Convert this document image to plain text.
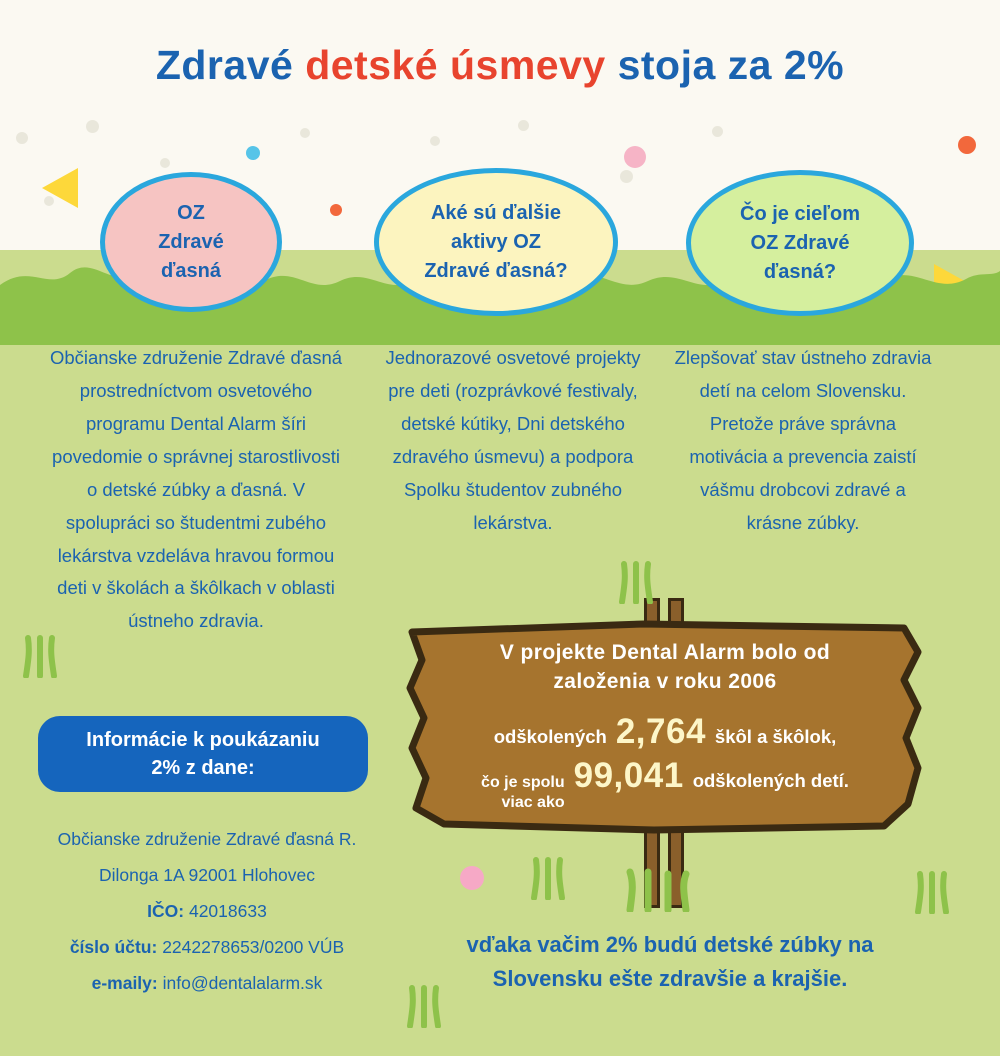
Zdravé detské úsmevy stoja za 2%
OZ
Zdravé
ďasná
Aké sú ďalšie
aktivy OZ
Zdravé ďasná?
Čo je cieľom
OZ Zdravé
ďasná?
Občianske združenie Zdravé ďasná prostredníctvom osvetového programu Dental Alarm šíri povedomie o správnej starostlivosti o detské zúbky a ďasná. V spolupráci so študentmi zubého lekárstva vzdeláva hravou formou deti v školách a škôlkach v oblasti ústneho zdravia.
Jednorazové osvetové projekty pre deti (rozprávkové festivaly, detské kútiky, Dni detského zdravého úsmevu) a podpora Spolku študentov zubného lekárstva.
Zlepšovať stav ústneho zdravia detí na celom Slovensku. Pretože práve správna motivácia a prevencia zaistí vášmu drobcovi zdravé a krásne zúbky.
Informácie k poukázaniu
2% z dane:
Občianske združenie Zdravé ďasná R.
Dilonga 1A 92001 Hlohovec
IČO: 42018633
číslo účtu: 2242278653/0200 VÚB
e-maily: info@dentalalarm.sk
V projekte Dental Alarm bolo od
založenia v roku 2006
odškolených 2,764 škôl a škôlok,
čo je spolu
viac ako
99,041 odškolených detí.
vďaka vačim 2% budú detské zúbky na
Slovensku ešte zdravšie a krajšie.
